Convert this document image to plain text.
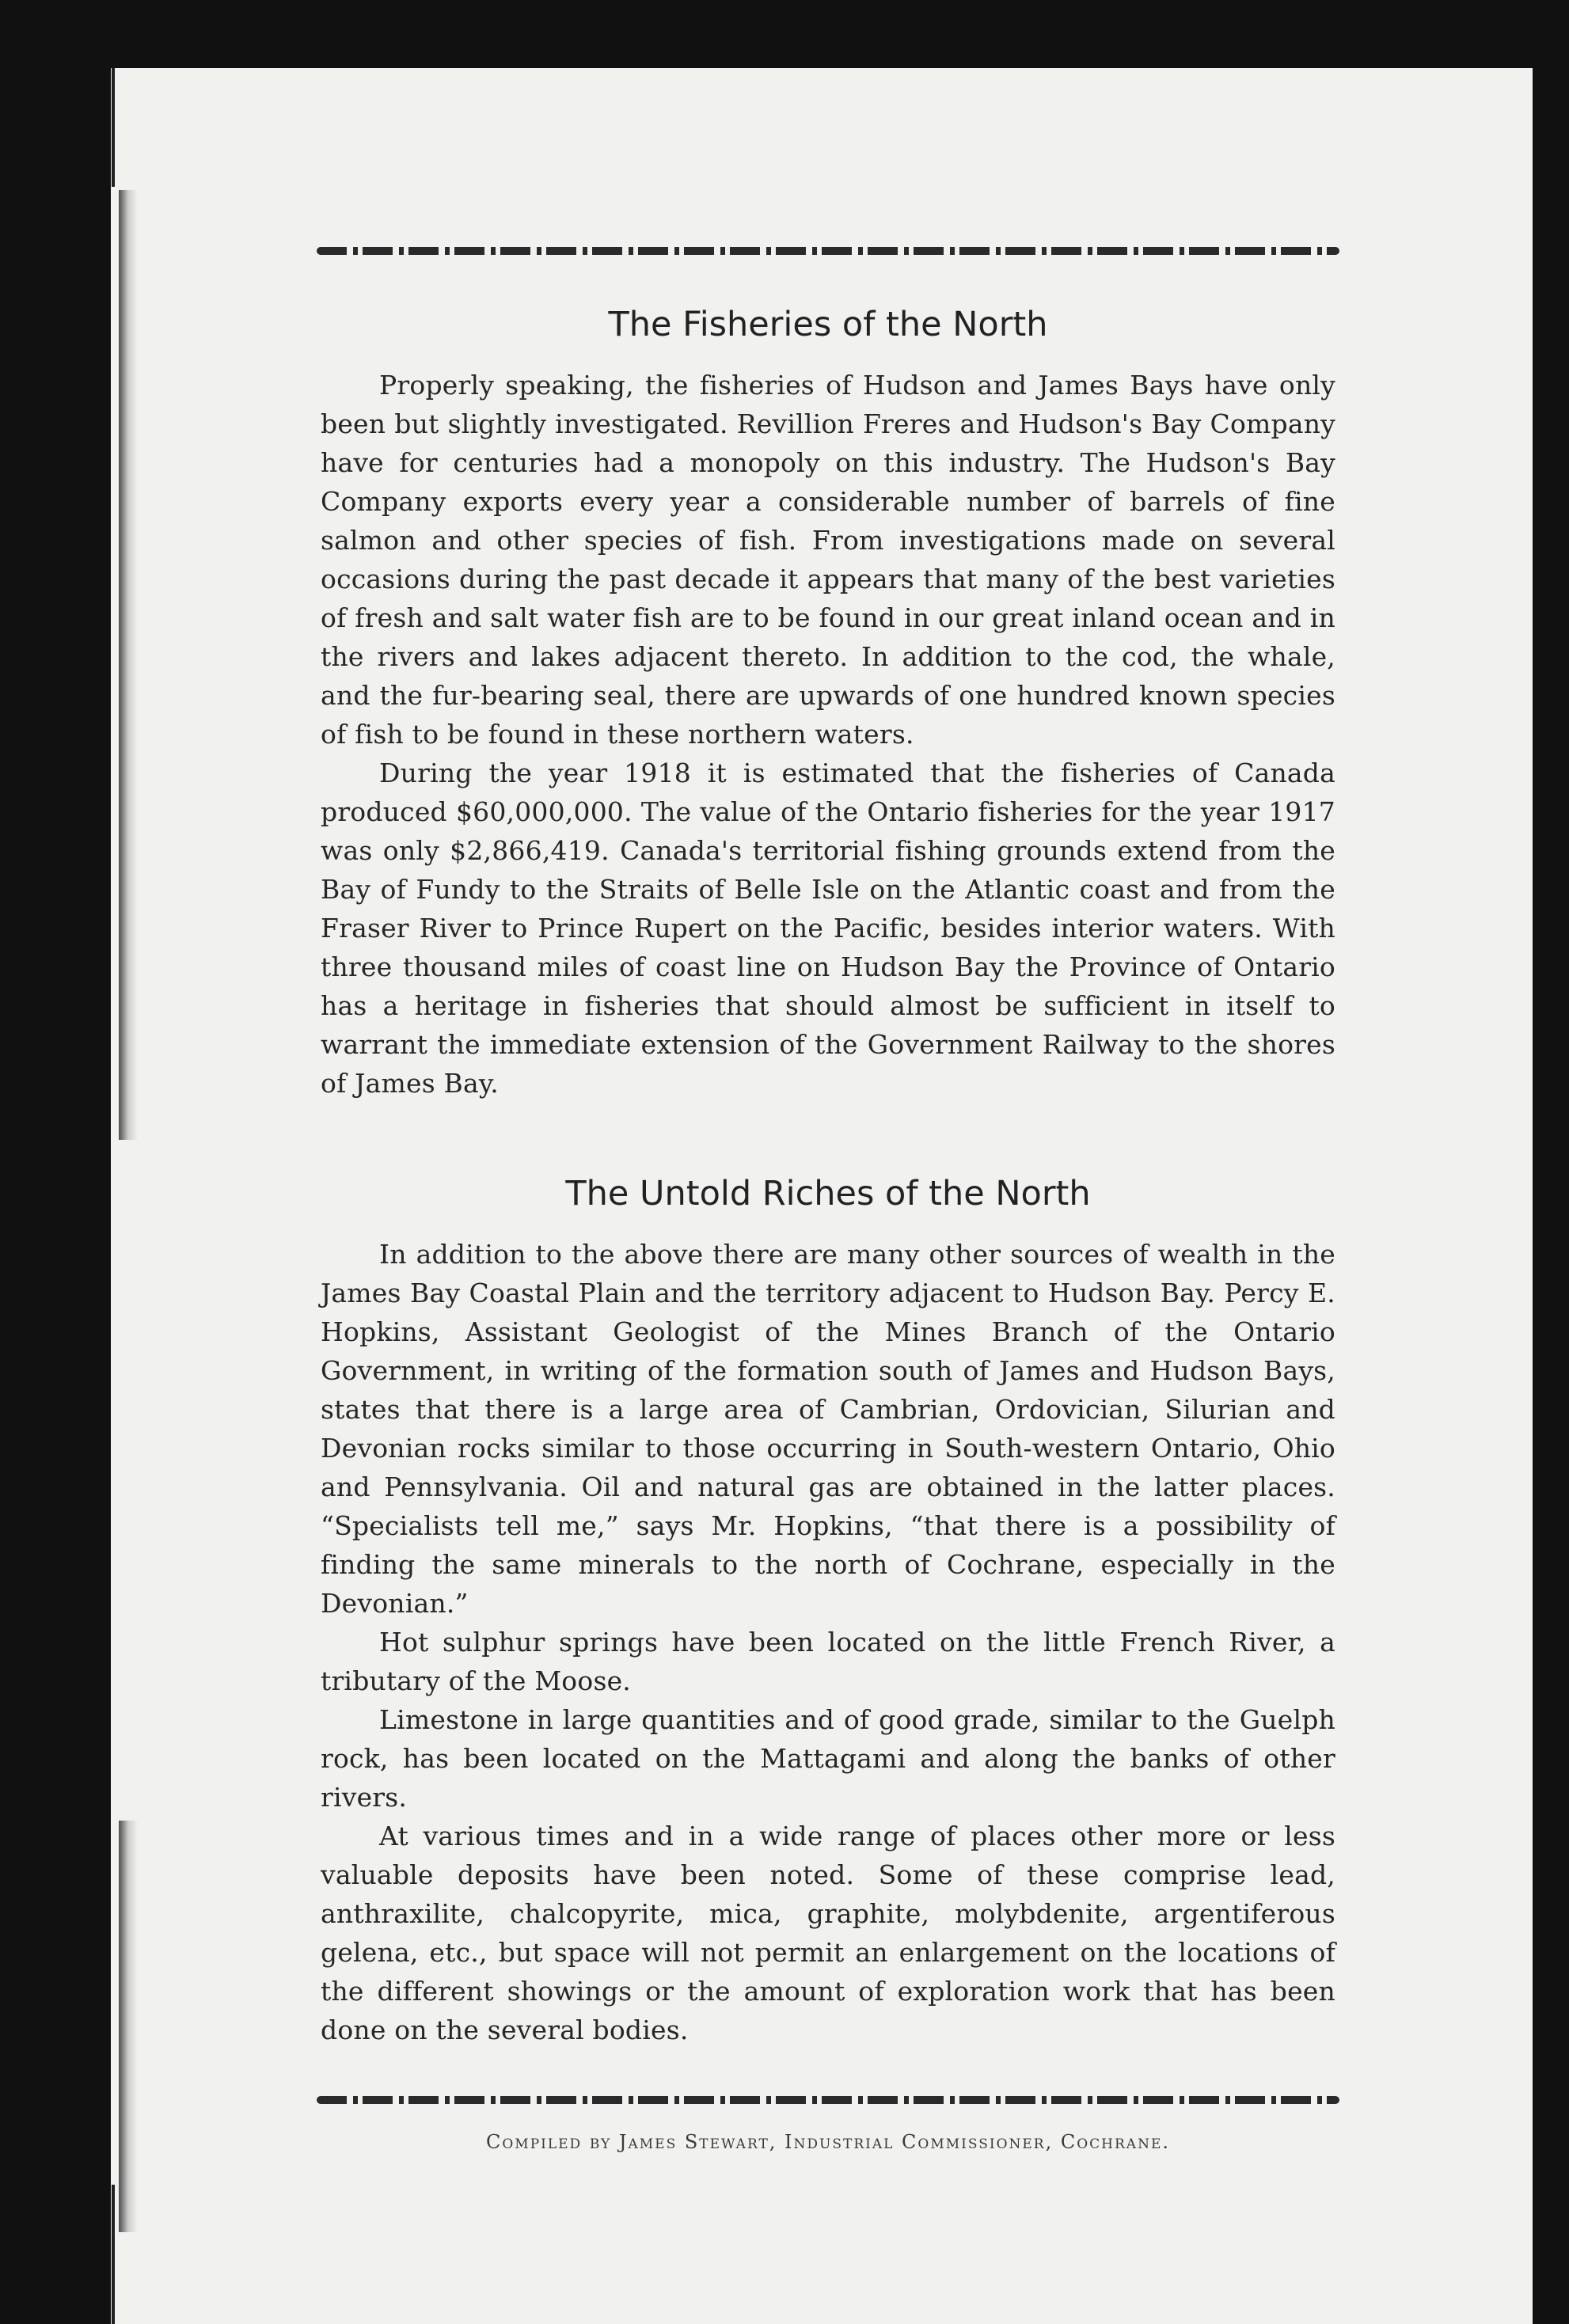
The Fisheries of the North

Properly speaking, the fisheries of Hudson and James Bays have only been but slightly investigated. Revillion Freres and Hudson's Bay Company have for centuries had a monopoly on this industry. The Hudson's Bay Company exports every year a considerable number of barrels of fine salmon and other species of fish. From investigations made on several occasions during the past decade it appears that many of the best varieties of fresh and salt water fish are to be found in our great inland ocean and in the rivers and lakes adjacent thereto. In addition to the cod, the whale, and the fur-bearing seal, there are upwards of one hundred known species of fish to be found in these northern waters.

During the year 1918 it is estimated that the fisheries of Canada produced $60,000,000. The value of the Ontario fisheries for the year 1917 was only $2,866,419. Canada's territorial fishing grounds extend from the Bay of Fundy to the Straits of Belle Isle on the Atlantic coast and from the Fraser River to Prince Rupert on the Pacific, besides interior waters. With three thousand miles of coast line on Hudson Bay the Province of Ontario has a heritage in fisheries that should almost be sufficient in itself to warrant the immediate extension of the Government Railway to the shores of James Bay.

The Untold Riches of the North

In addition to the above there are many other sources of wealth in the James Bay Coastal Plain and the territory adjacent to Hudson Bay. Percy E. Hopkins, Assistant Geologist of the Mines Branch of the Ontario Government, in writing of the formation south of James and Hudson Bays, states that there is a large area of Cambrian, Ordovician, Silurian and Devonian rocks similar to those occurring in South-western Ontario, Ohio and Pennsylvania. Oil and natural gas are obtained in the latter places. “Specialists tell me,” says Mr. Hopkins, “that there is a possibility of finding the same minerals to the north of Cochrane, especially in the Devonian.”

Hot sulphur springs have been located on the little French River, a tributary of the Moose.

Limestone in large quantities and of good grade, similar to the Guelph rock, has been located on the Mattagami and along the banks of other rivers.

At various times and in a wide range of places other more or less valuable deposits have been noted. Some of these comprise lead, anthraxilite, chalcopyrite, mica, graphite, molybdenite, argentiferous gelena, etc., but space will not permit an enlargement on the locations of the different showings or the amount of exploration work that has been done on the several bodies.

Compiled by James Stewart, Industrial Commissioner, Cochrane.
